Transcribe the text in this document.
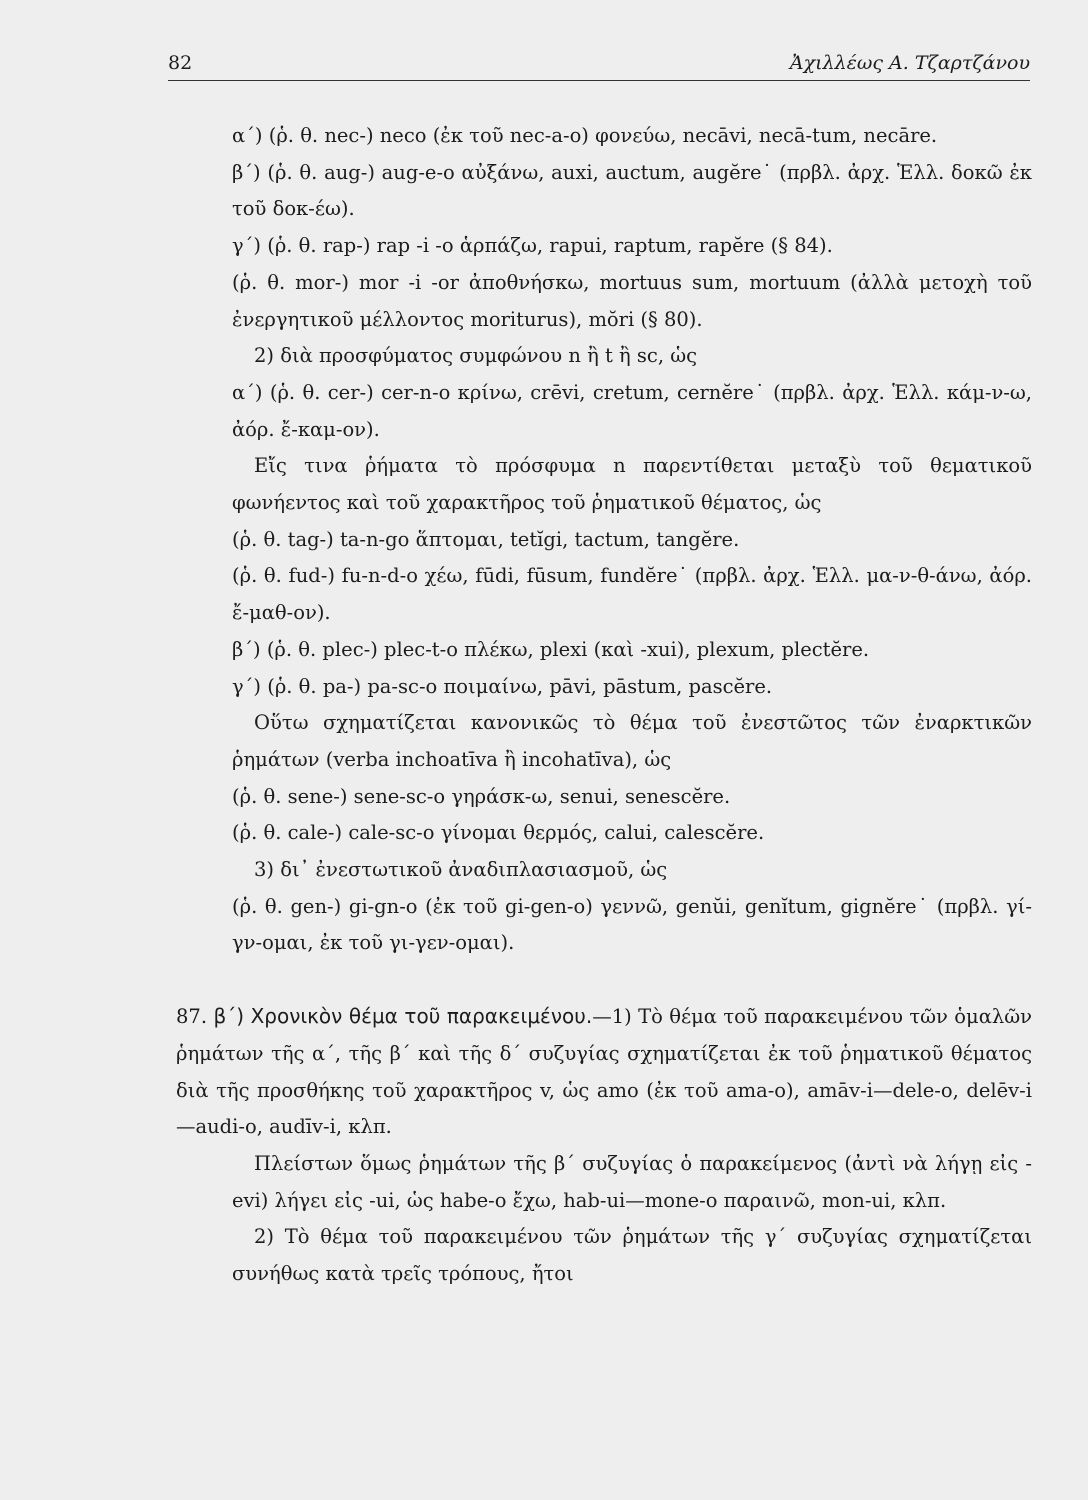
82	Ἀχιλλέως Α. Τζαρτζάνου

α΄) (ῥ. θ. nec-) neco (ἐκ τοῦ nec-a-o) φονεύω, necāvi, necā-tum, necāre.

β΄) (ῥ. θ. aug-) aug-e-o αὐξάνω, auxi, auctum, augĕre˙ (πρβλ. ἀρχ. Ἑλλ. δοκῶ ἐκ τοῦ δοκ-έω).

γ΄) (ῥ. θ. rap-) rap -i -o ἁρπάζω, rapui, raptum, rapĕre (§ 84).

(ῥ. θ. mor-) mor -i -or ἀποθνήσκω, mortuus sum, mortuum (ἀλλὰ μετοχὴ τοῦ ἐνεργητικοῦ μέλλοντος moriturus), mŏri (§ 80).

2) διὰ προσφύματος συμφώνου n ἢ t ἢ sc, ὡς

α΄) (ῥ. θ. cer-) cer-n-o κρίνω, crēvi, cretum, cernĕre˙ (πρβλ. ἀρχ. Ἑλλ. κάμ-ν-ω, ἀόρ. ἔ-καμ-ον).

Εἴς τινα ῥήματα τὸ πρόσφυμα n παρεντίθεται μεταξὺ τοῦ θεματικοῦ φωνήεντος καὶ τοῦ χαρακτῆρος τοῦ ῥηματικοῦ θέματος, ὡς

(ῥ. θ. tag-) ta-n-go ἅπτομαι, tetĭgi, tactum, tangĕre.

(ῥ. θ. fud-) fu-n-d-o χέω, fūdi, fūsum, fundĕre˙ (πρβλ. ἀρχ. Ἑλλ. μα-ν-θ-άνω, ἀόρ. ἔ-μαθ-ον).

β΄) (ῥ. θ. plec-) plec-t-o πλέκω, plexi (καὶ -xui), plexum, plectĕre.

γ΄) (ῥ. θ. pa-) pa-sc-o ποιμαίνω, pāvi, pāstum, pascĕre.

Οὕτω σχηματίζεται κανονικῶς τὸ θέμα τοῦ ἐνεστῶτος τῶν ἐναρκτικῶν ῥημάτων (verba inchoatīva ἢ incohatīva), ὡς

(ῥ. θ. sene-) sene-sc-o γηράσκ-ω, senui, senescĕre.

(ῥ. θ. cale-) cale-sc-o γίνομαι θερμός, calui, calescĕre.

3) δι᾽ ἐνεστωτικοῦ ἀναδιπλασιασμοῦ, ὡς

(ῥ. θ. gen-) gi-gn-o (ἐκ τοῦ gi-gen-o) γεννῶ, genŭi, genĭtum, gignĕre˙ (πρβλ. γί-γν-ομαι, ἐκ τοῦ γι-γεν-ομαι).

87. β΄) Χρονικὸν θέμα τοῦ παρακειμένου.—1) Τὸ θέμα τοῦ παρακειμένου τῶν ὁμαλῶν ῥημάτων τῆς α΄, τῆς β΄ καὶ τῆς δ΄ συζυγίας σχηματίζεται ἐκ τοῦ ῥηματικοῦ θέματος διὰ τῆς προσθήκης τοῦ χαρακτῆρος v, ὡς amo (ἐκ τοῦ ama-o), amāv-i—dele-o, delēv-i—audi-o, audīv-i, κλπ.

Πλείστων ὅμως ῥημάτων τῆς β΄ συζυγίας ὁ παρακείμενος (ἀντὶ νὰ λήγῃ εἰς -evi) λήγει εἰς -ui, ὡς habe-o ἔχω, hab-ui—mone-o παραινῶ, mon-ui, κλπ.

2) Τὸ θέμα τοῦ παρακειμένου τῶν ῥημάτων τῆς γ΄ συζυγίας σχηματίζεται συνήθως κατὰ τρεῖς τρόπους, ἤτοι
